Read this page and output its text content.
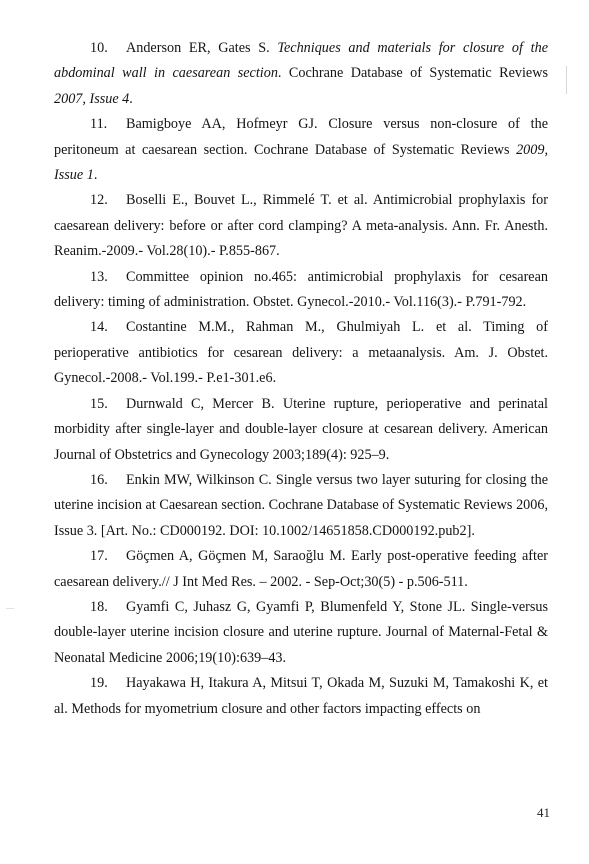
10. Anderson ER, Gates S. Techniques and materials for closure of the abdominal wall in caesarean section. Cochrane Database of Systematic Reviews 2007, Issue 4.

11. Bamigboye AA, Hofmeyr GJ. Closure versus non-closure of the peritoneum at caesarean section. Cochrane Database of Systematic Reviews 2009, Issue 1.

12. Boselli E., Bouvet L., Rimmelé T. et al. Antimicrobial prophylaxis for caesarean delivery: before or after cord clamping? A meta-analysis. Ann. Fr. Anesth. Reanim.-2009.- Vol.28(10).- P.855-867.

13. Committee opinion no.465: antimicrobial prophylaxis for cesarean delivery: timing of administration. Obstet. Gynecol.-2010.- Vol.116(3).- P.791-792.

14. Costantine M.M., Rahman M., Ghulmiyah L. et al. Timing of perioperative antibiotics for cesarean delivery: a metaanalysis. Am. J. Obstet. Gynecol.-2008.- Vol.199.- P.e1-301.e6.

15. Durnwald C, Mercer B. Uterine rupture, perioperative and perinatal morbidity after single-layer and double-layer closure at cesarean delivery. American Journal of Obstetrics and Gynecology 2003;189(4): 925–9.

16. Enkin MW, Wilkinson C. Single versus two layer suturing for closing the uterine incision at Caesarean section. Cochrane Database of Systematic Reviews 2006, Issue 3. [Art. No.: CD000192. DOI: 10.1002/14651858.CD000192.pub2].

17. Göçmen A, Göçmen M, Saraoğlu M. Early post-operative feeding after caesarean delivery.// J Int Med Res. – 2002. - Sep-Oct;30(5) - p.506-511.

18. Gyamfi C, Juhasz G, Gyamfi P, Blumenfeld Y, Stone JL. Single-versus double-layer uterine incision closure and uterine rupture. Journal of Maternal-Fetal & Neonatal Medicine 2006;19(10):639–43.

19. Hayakawa H, Itakura A, Mitsui T, Okada M, Suzuki M, Tamakoshi K, et al. Methods for myometrium closure and other factors impacting effects on

41
